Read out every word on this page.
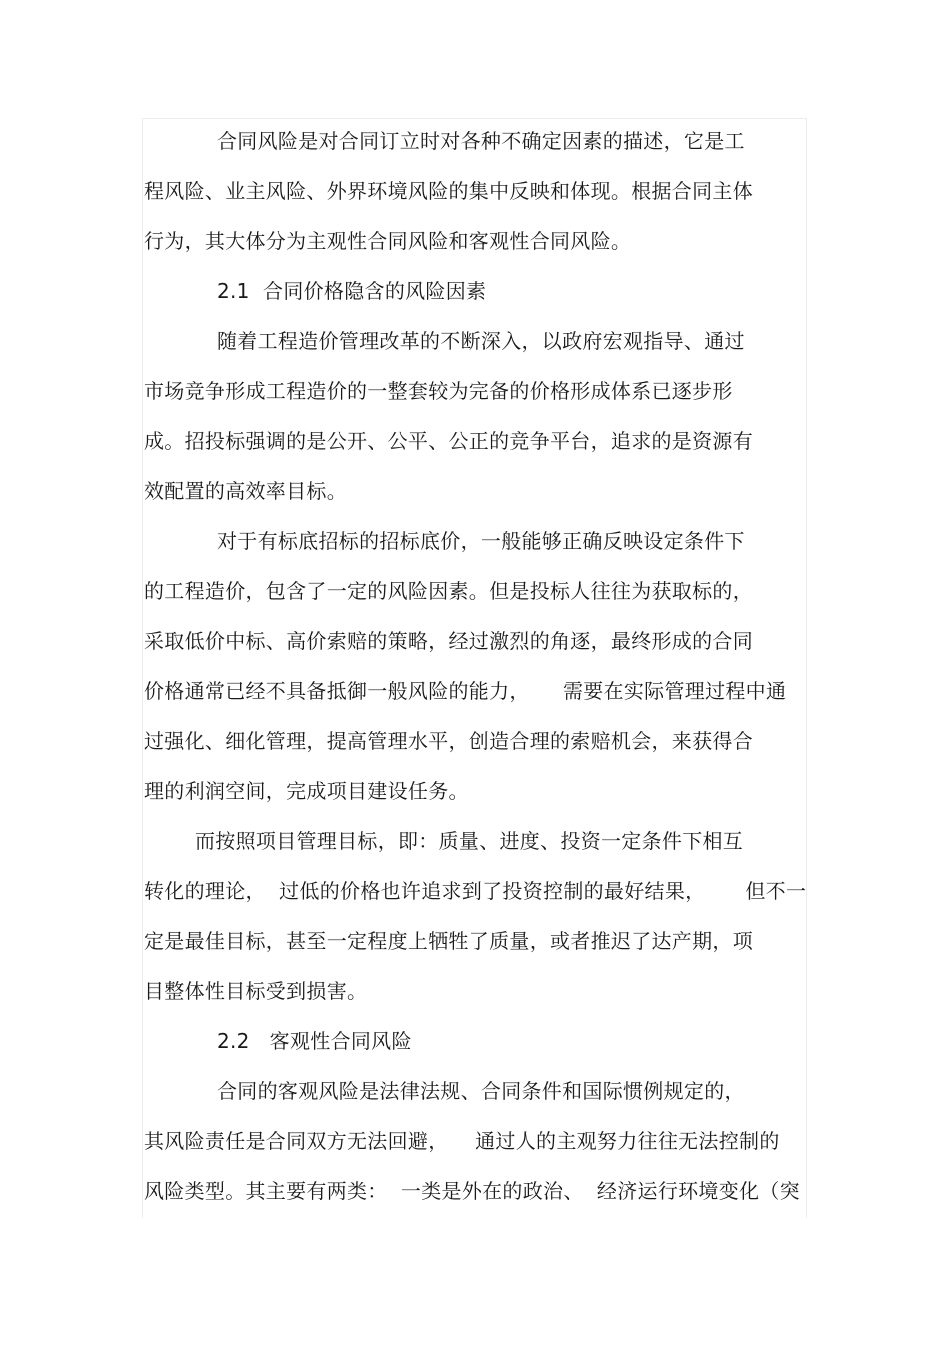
合同风险是对合同订立时对各种不确定因素的描述，它是工
程风险、业主风险、外界环境风险的集中反映和体现。根据合同主体
行为，其大体分为主观性合同风险和客观性合同风险。
2.1  合同价格隐含的风险因素
随着工程造价管理改革的不断深入，以政府宏观指导、通过
市场竞争形成工程造价的一整套较为完备的价格形成体系已逐步形
成。招投标强调的是公开、公平、公正的竞争平台，追求的是资源有
效配置的高效率目标。
对于有标底招标的招标底价，一般能够正确反映设定条件下
的工程造价，包含了一定的风险因素。但是投标人往往为获取标的，
采取低价中标、高价索赔的策略，经过激烈的角逐，最终形成的合同
价格通常已经不具备抵御一般风险的能力，     需要在实际管理过程中通
过强化、细化管理，提高管理水平，创造合理的索赔机会，来获得合
理的利润空间，完成项目建设任务。
而按照项目管理目标，即：质量、进度、投资一定条件下相互
转化的理论，  过低的价格也许追求到了投资控制的最好结果，      但不一
定是最佳目标，甚至一定程度上牺牲了质量，或者推迟了达产期，项
目整体性目标受到损害。
2.2   客观性合同风险
合同的客观风险是法律法规、合同条件和国际惯例规定的，
其风险责任是合同双方无法回避，    通过人的主观努力往往无法控制的
风险类型。其主要有两类：  一类是外在的政治、  经济运行环境变化（突
